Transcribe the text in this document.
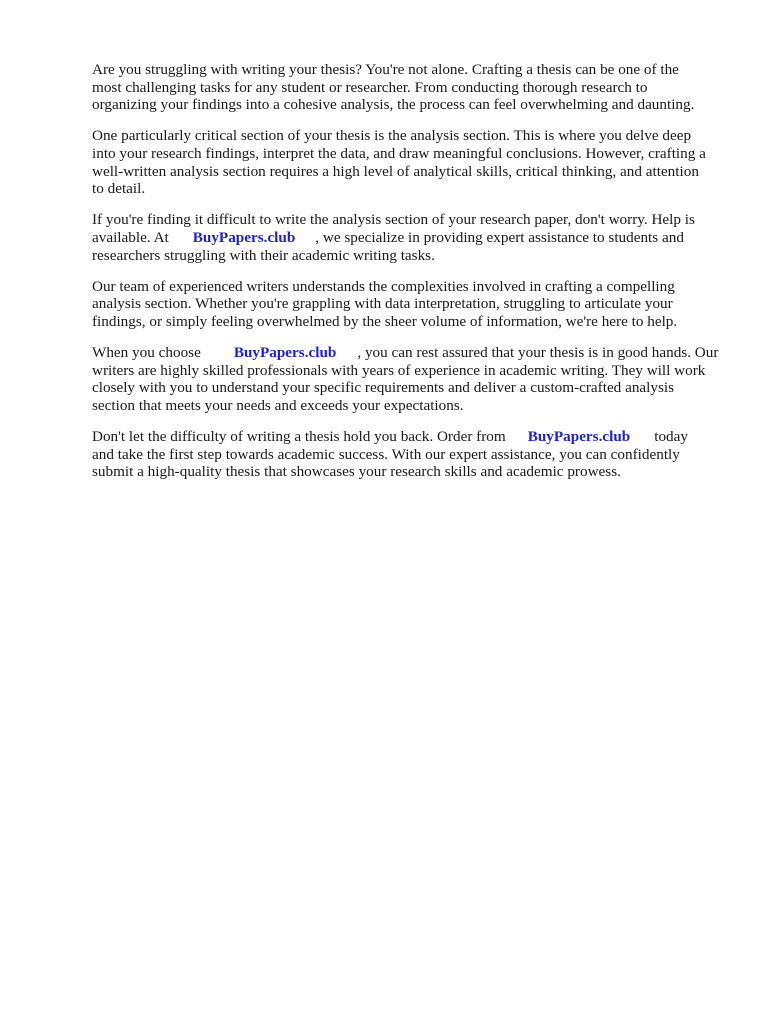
Are you struggling with writing your thesis? You're not alone. Crafting a thesis can be one of the
most challenging tasks for any student or researcher. From conducting thorough research to
organizing your findings into a cohesive analysis, the process can feel overwhelming and daunting.

One particularly critical section of your thesis is the analysis section. This is where you delve deep
into your research findings, interpret the data, and draw meaningful conclusions. However, crafting a
well-written analysis section requires a high level of analytical skills, critical thinking, and attention
to detail.

If you're finding it difficult to write the analysis section of your research paper, don't worry. Help is
available. At BuyPapers.club , we specialize in providing expert assistance to students and
researchers struggling with their academic writing tasks.

Our team of experienced writers understands the complexities involved in crafting a compelling
analysis section. Whether you're grappling with data interpretation, struggling to articulate your
findings, or simply feeling overwhelmed by the sheer volume of information, we're here to help.

When you choose BuyPapers.club , you can rest assured that your thesis is in good hands. Our
writers are highly skilled professionals with years of experience in academic writing. They will work
closely with you to understand your specific requirements and deliver a custom-crafted analysis
section that meets your needs and exceeds your expectations.

Don't let the difficulty of writing a thesis hold you back. Order from BuyPapers.club today
and take the first step towards academic success. With our expert assistance, you can confidently
submit a high-quality thesis that showcases your research skills and academic prowess.
